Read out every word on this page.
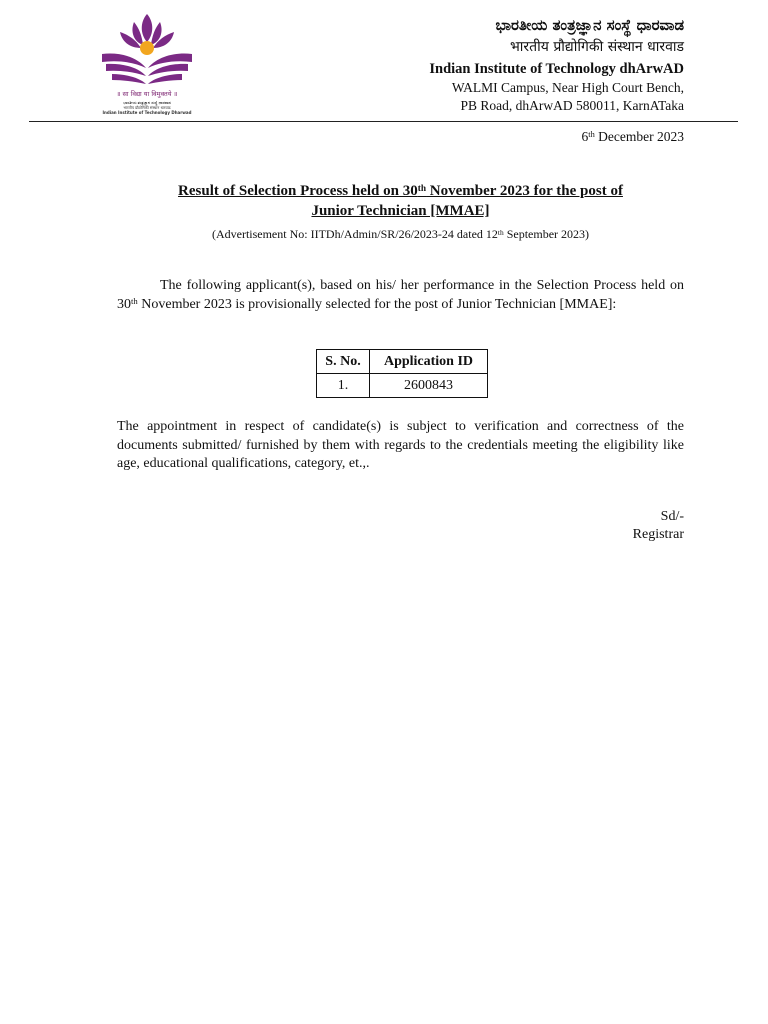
॥ सा विद्या या विमुक्तये ॥
ಭಾರತೀಯ ತಂತ್ರಜ್ಞಾನ ಸಂಸ್ಥೆ ಧಾರವಾಡ
भारतीय प्रौद्योगिकी संस्थान धारवाड
Indian Institute of Technology Dharwad
ಭಾರತೀಯ ತಂತ್ರಜ್ಞಾನ ಸಂಸ್ಥೆ ಧಾರವಾಡ
भारतीय प्रौद्योगिकी संस्थान धारवाड
Indian Institute of Technology dhArwAD
WALMI Campus, Near High Court Bench,
PB Road, dhArwAD 580011, KarnATaka
6th December 2023
Result of Selection Process held on 30th November 2023 for the post of
Junior Technician [MMAE]
(Advertisement No: IITDh/Admin/SR/26/2023-24 dated 12th September 2023)
The following applicant(s), based on his/ her performance in the Selection Process held on 30th November 2023 is provisionally selected for the post of Junior Technician [MMAE]:
S. No.	Application ID
1.	2600843
The appointment in respect of candidate(s) is subject to verification and correctness of the documents submitted/ furnished by them with regards to the credentials meeting the eligibility like age, educational qualifications, category, et.,.
Sd/-
Registrar
